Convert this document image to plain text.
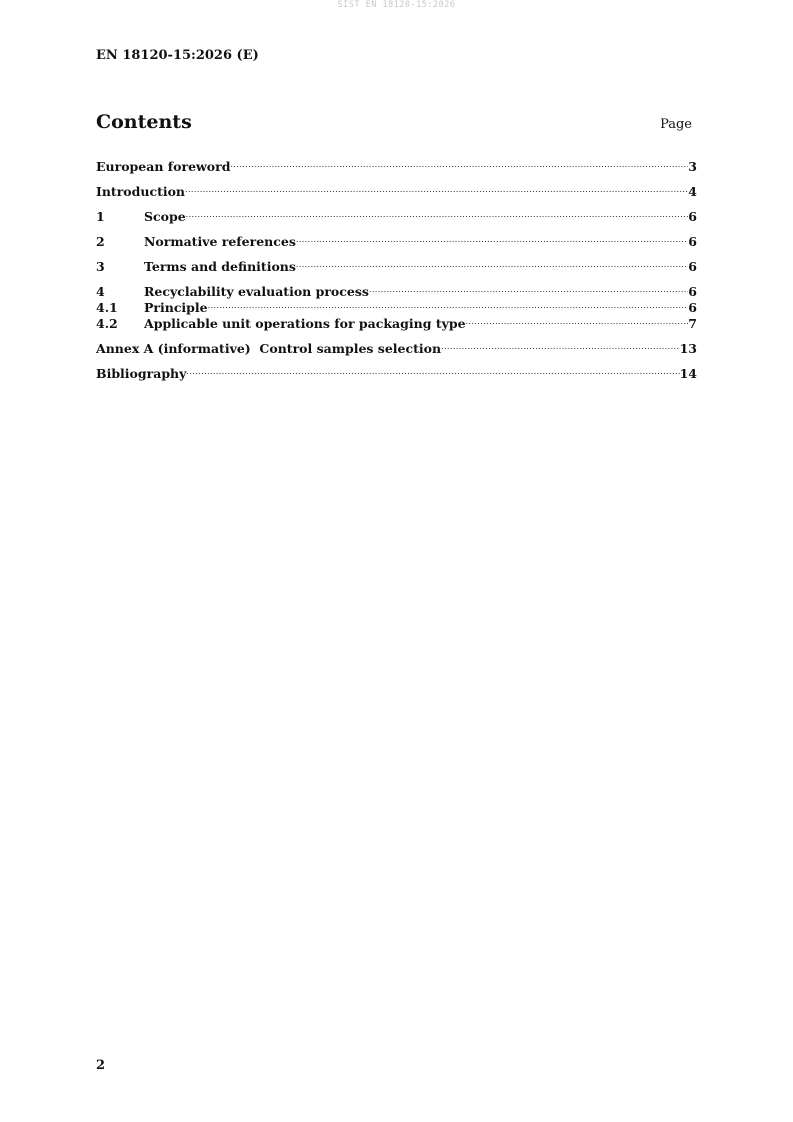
SIST EN 18120-15:2026
EN 18120-15:2026 (E)
Contents	Page
European foreword .....	3
Introduction .....	4
1	Scope .....	6
2	Normative references .....	6
3	Terms and definitions .....	6
4	Recyclability evaluation process .....	6
4.1	Principle .....	6
4.2	Applicable unit operations for packaging type .....	7
Annex A (informative)  Control samples selection .....	13
Bibliography .....	14
2
